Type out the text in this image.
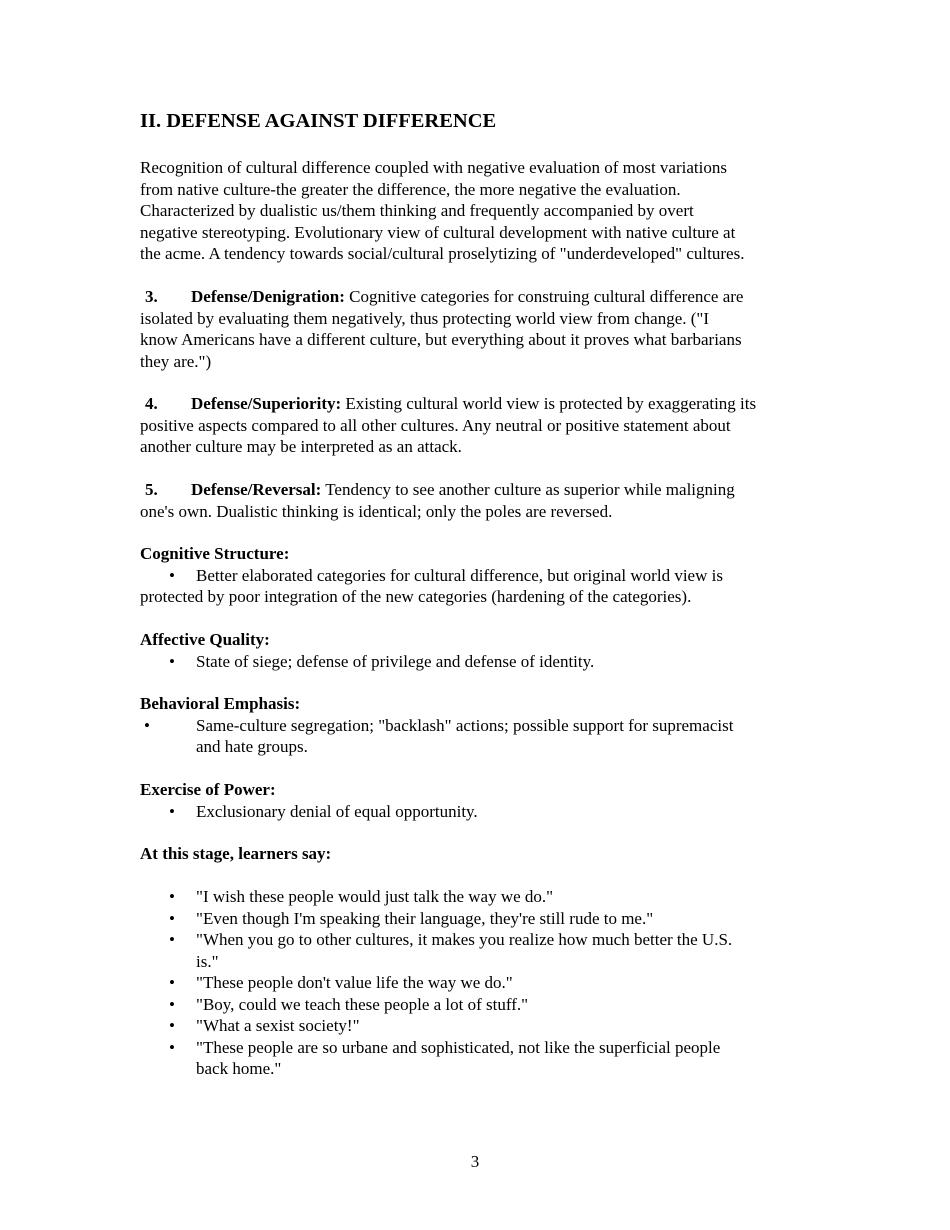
II. DEFENSE AGAINST DIFFERENCE

Recognition of cultural difference coupled with negative evaluation of most variations

from native culture-the greater the difference, the more negative the evaluation.

Characterized by dualistic us/them thinking and frequently accompanied by overt

negative stereotyping. Evolutionary view of cultural development with native culture at

the acme. A tendency towards social/cultural proselytizing of "underdeveloped" cultures.

3. Defense/Denigration: Cognitive categories for construing cultural difference are

isolated by evaluating them negatively, thus protecting world view from change. ("I

know Americans have a different culture, but everything about it proves what barbarians

they are.")

4. Defense/Superiority: Existing cultural world view is protected by exaggerating its

positive aspects compared to all other cultures. Any neutral or positive statement about

another culture may be interpreted as an attack.

5. Defense/Reversal: Tendency to see another culture as superior while maligning

one's own. Dualistic thinking is identical; only the poles are reversed.

Cognitive Structure:

• Better elaborated categories for cultural difference, but original world view is

protected by poor integration of the new categories (hardening of the categories).

Affective Quality:

• State of siege; defense of privilege and defense of identity.

Behavioral Emphasis:

•	Same-culture segregation; "backlash" actions; possible support for supremacist

and hate groups.

Exercise of Power:

• Exclusionary denial of equal opportunity.

At this stage, learners say:

• "I wish these people would just talk the way we do."

• "Even though I'm speaking their language, they're still rude to me."

• "When you go to other cultures, it makes you realize how much better the U.S.

is."

• "These people don't value life the way we do."

• "Boy, could we teach these people a lot of stuff."

• "What a sexist society!"

• "These people are so urbane and sophisticated, not like the superficial people

back home."

3
